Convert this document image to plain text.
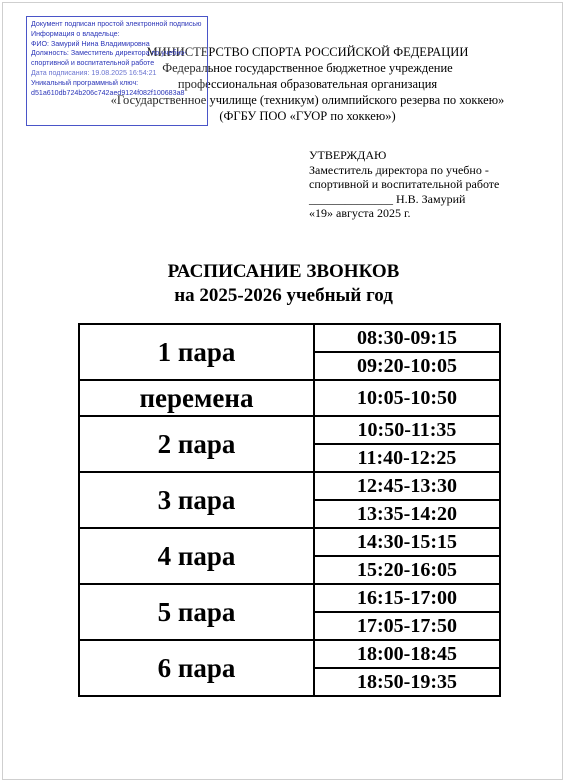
Документ подписан простой электронной подписью
Информация о владельце:
ФИО: Замурий Нина Владимировна
Должность: Заместитель директора по учебно-
спортивной и воспитательной работе
Дата подписания: 19.08.2025 16:54:21
Уникальный программный ключ:
d51a610db724b206c742aed9124f082f100683a8
МИНИСТЕРСТВО СПОРТА РОССИЙСКОЙ ФЕДЕРАЦИИ
Федеральное государственное бюджетное учреждение
профессиональная образовательная организация
«Государственное училище (техникум) олимпийского резерва по хоккею»
(ФГБУ ПОО «ГУОР по хоккею»)
УТВЕРЖДАЮ
Заместитель директора по учебно -
спортивной и воспитательной работе
______________ Н.В. Замурий
«19» августа 2025 г.
РАСПИСАНИЕ ЗВОНКОВ
на 2025-2026 учебный год
1 пара	08:30-09:15
	09:20-10:05
перемена	10:05-10:50
2 пара	10:50-11:35
	11:40-12:25
3 пара	12:45-13:30
	13:35-14:20
4 пара	14:30-15:15
	15:20-16:05
5 пара	16:15-17:00
	17:05-17:50
6 пара	18:00-18:45
	18:50-19:35
